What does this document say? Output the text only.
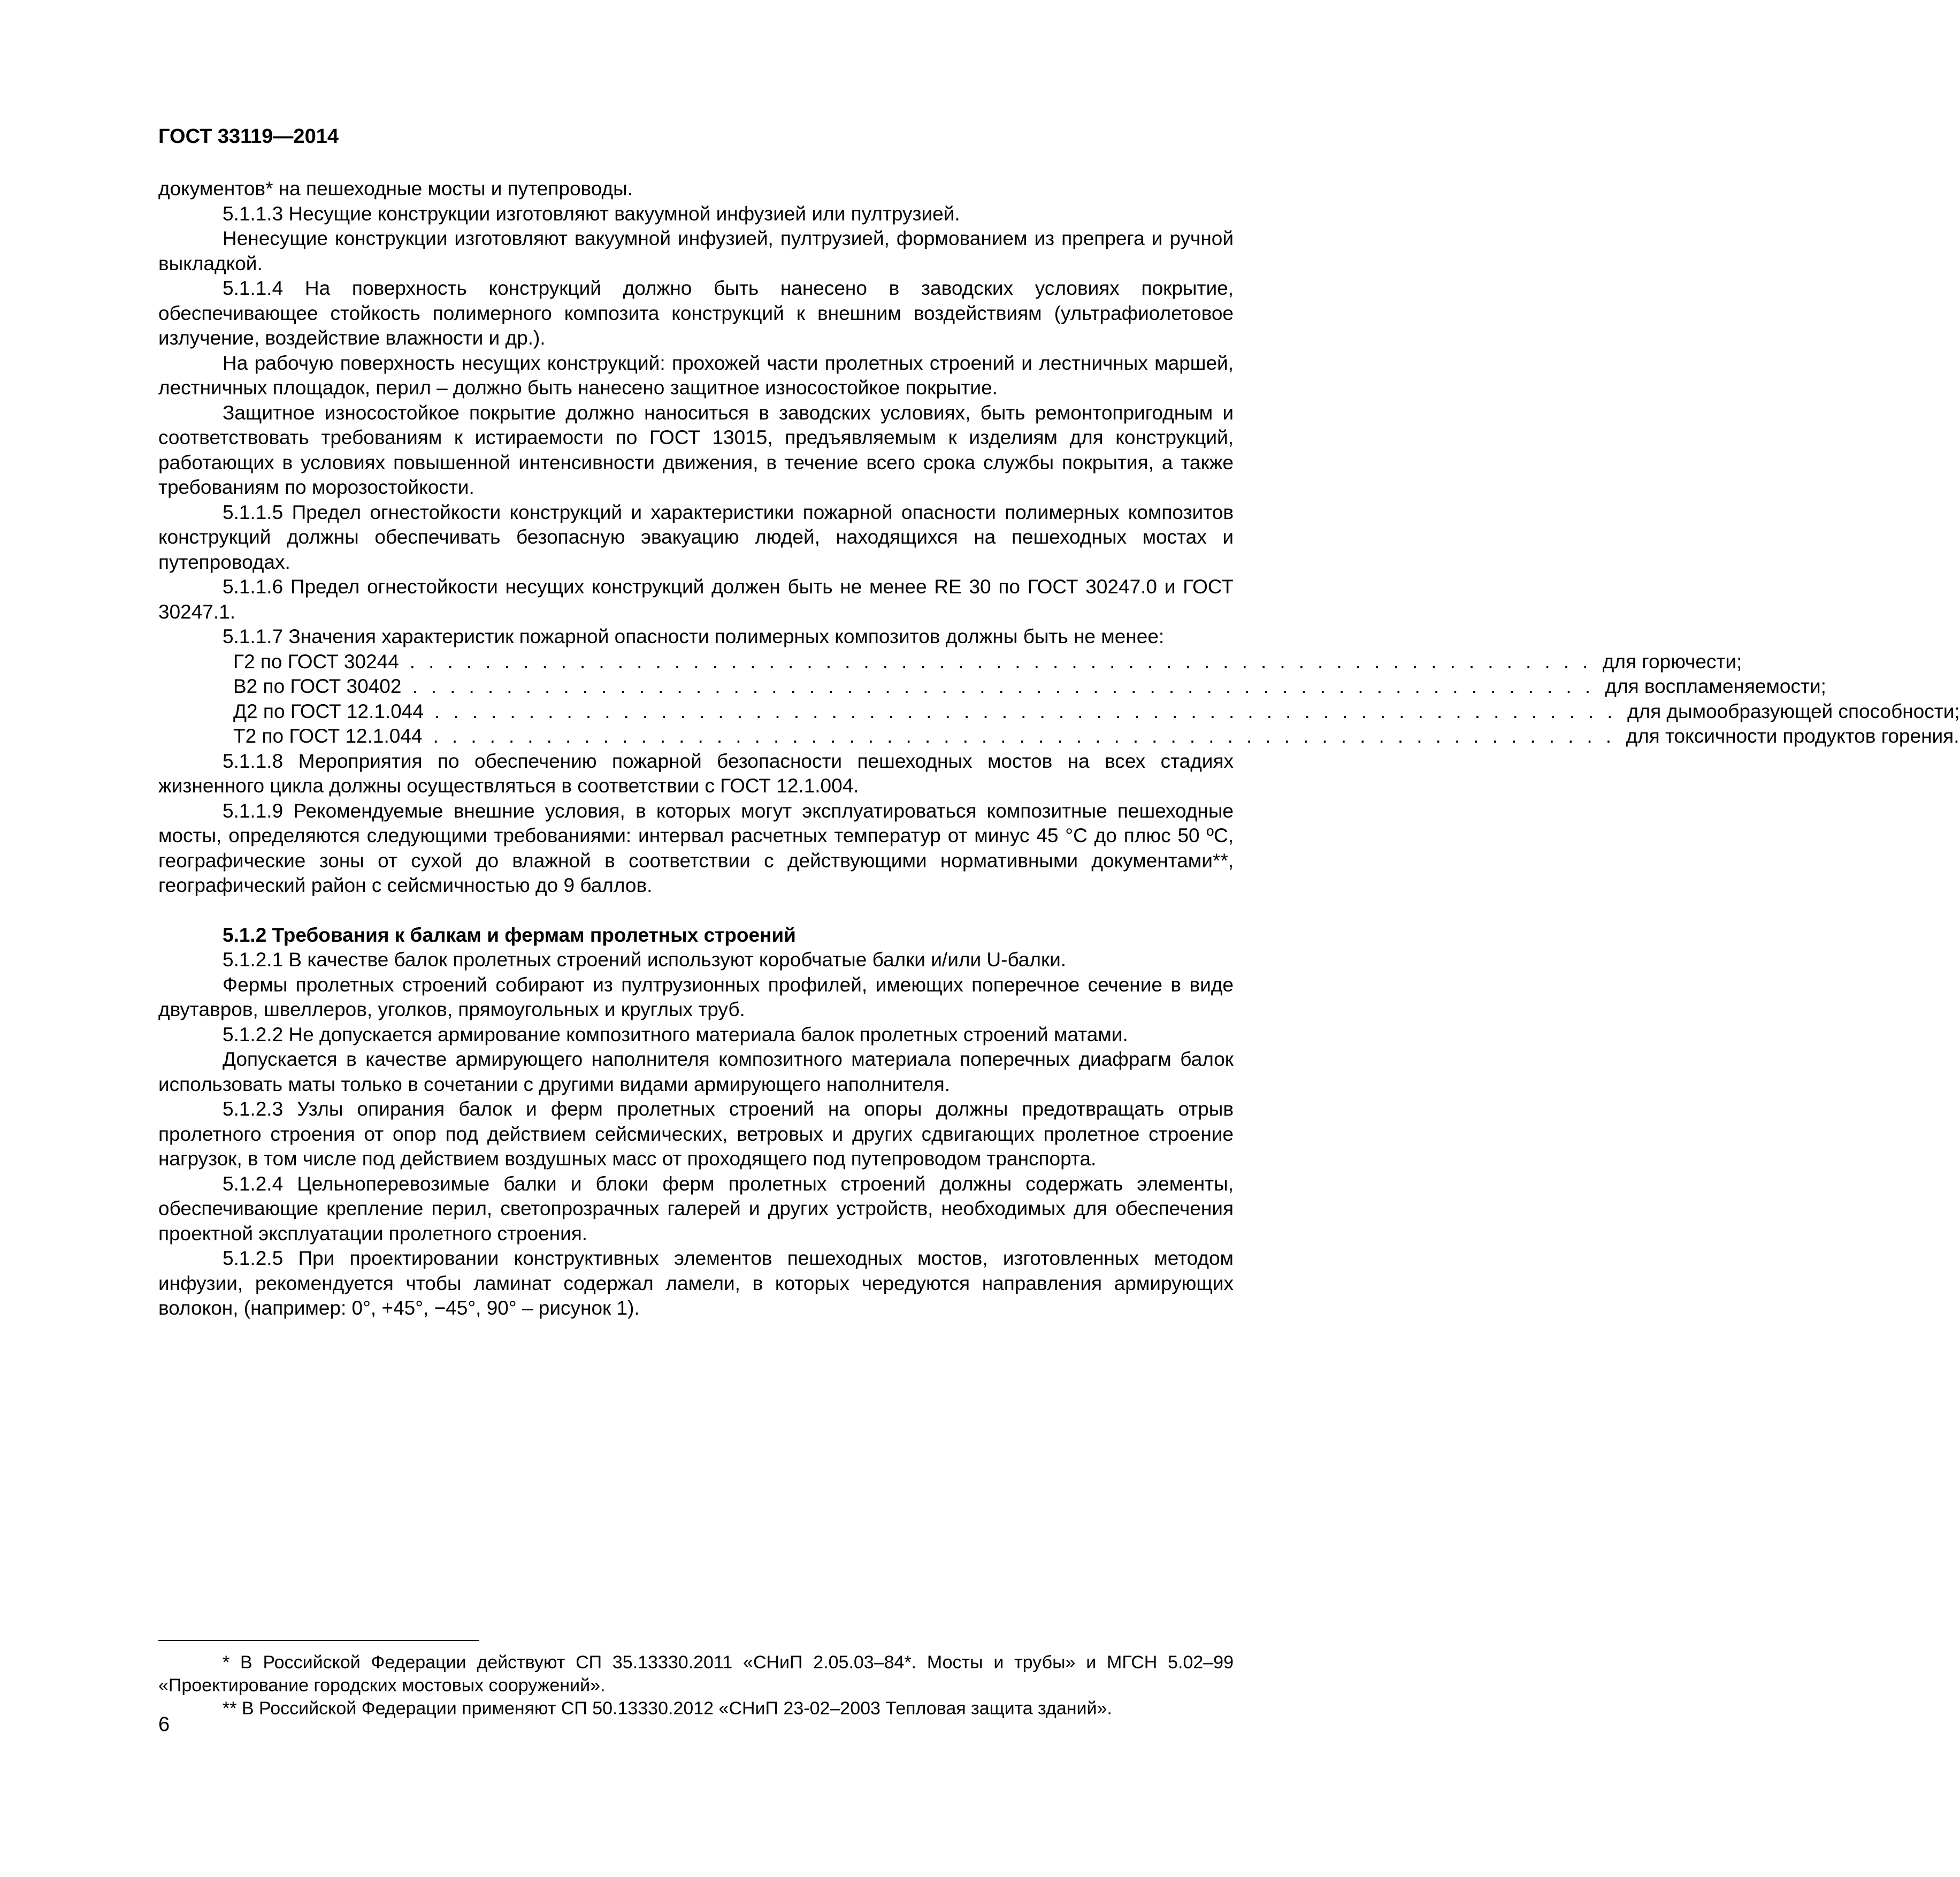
ГОСТ 33119—2014

документов* на пешеходные мосты и путепроводы.

5.1.1.3 Несущие конструкции изготовляют вакуумной инфузией или пултрузией.

Ненесущие конструкции изготовляют вакуумной инфузией, пултрузией, формованием из препрега и ручной выкладкой.

5.1.1.4 На поверхность конструкций должно быть нанесено в заводских условиях покрытие, обеспечивающее стойкость полимерного композита конструкций к внешним воздействиям (ультрафиолетовое излучение, воздействие влажности и др.).

На рабочую поверхность несущих конструкций: прохожей части пролетных строений и лестничных маршей, лестничных площадок, перил – должно быть нанесено защитное износостойкое покрытие.

Защитное износостойкое покрытие должно наноситься в заводских условиях, быть ремонтопригодным и соответствовать требованиям к истираемости по ГОСТ 13015, предъявляемым к изделиям для конструкций, работающих в условиях повышенной интенсивности движения, в течение всего срока службы покрытия, а также требованиям по морозостойкости.

5.1.1.5 Предел огнестойкости конструкций и характеристики пожарной опасности полимерных композитов конструкций должны обеспечивать безопасную эвакуацию людей, находящихся на пешеходных мостах и путепроводах.

5.1.1.6 Предел огнестойкости несущих конструкций должен быть не менее RE 30 по ГОСТ 30247.0 и ГОСТ 30247.1.

5.1.1.7 Значения характеристик пожарной опасности полимерных композитов должны быть не менее:

Г2 по ГОСТ 30244 . . . . . . . . . . . . . . . . . . . . . . . . . . . . . . . . . . . . . . . . . . . . . . . . . . . . . . . . . . . . . . . для горючести;
В2 по ГОСТ 30402 . . . . . . . . . . . . . . . . . . . . . . . . . . . . . . . . . . . . . . . . . . . . . . . . . . . . . . . . . . . . . . . для воспламеняемости;
Д2 по ГОСТ 12.1.044 . . . . . . . . . . . . . . . . . . . . . . . . . . . . . . . . . . . . . . . . . . . . . . . . . . . . . . . . . . . . . . . для дымообразующей способности;
Т2 по ГОСТ 12.1.044 . . . . . . . . . . . . . . . . . . . . . . . . . . . . . . . . . . . . . . . . . . . . . . . . . . . . . . . . . . . . . . . для токсичности продуктов горения.

5.1.1.8 Мероприятия по обеспечению пожарной безопасности пешеходных мостов на всех стадиях жизненного цикла должны осуществляться в соответствии с ГОСТ 12.1.004.

5.1.1.9 Рекомендуемые внешние условия, в которых могут эксплуатироваться композитные пешеходные мосты, определяются следующими требованиями: интервал расчетных температур от минус 45 °С до плюс 50 ºС, географические зоны от сухой до влажной в соответствии с действующими нормативными документами**, географический район с сейсмичностью до 9 баллов.

5.1.2 Требования к балкам и фермам пролетных строений

5.1.2.1 В качестве балок пролетных строений используют коробчатые балки и/или U-балки.

Фермы пролетных строений собирают из пултрузионных профилей, имеющих поперечное сечение в виде двутавров, швеллеров, уголков, прямоугольных и круглых труб.

5.1.2.2 Не допускается армирование композитного материала балок пролетных строений матами.

Допускается в качестве армирующего наполнителя композитного материала поперечных диафрагм балок использовать маты только в сочетании с другими видами армирующего наполнителя.

5.1.2.3 Узлы опирания балок и ферм пролетных строений на опоры должны предотвращать отрыв пролетного строения от опор под действием сейсмических, ветровых и других сдвигающих пролетное строение нагрузок, в том числе под действием воздушных масс от проходящего под путепроводом транспорта.

5.1.2.4 Цельноперевозимые балки и блоки ферм пролетных строений должны содержать элементы, обеспечивающие крепление перил, светопрозрачных галерей и других устройств, необходимых для обеспечения проектной эксплуатации пролетного строения.

5.1.2.5 При проектировании конструктивных элементов пешеходных мостов, изготовленных методом инфузии, рекомендуется чтобы ламинат содержал ламели, в которых чередуются направления армирующих волокон, (например: 0°, +45°, −45°, 90° – рисунок 1).

* В Российской Федерации действуют СП 35.13330.2011 «СНиП 2.05.03–84*. Мосты и трубы» и МГСН 5.02–99 «Проектирование городских мостовых сооружений».

** В Российской Федерации применяют СП 50.13330.2012 «СНиП 23-02–2003 Тепловая защита зданий».

6
